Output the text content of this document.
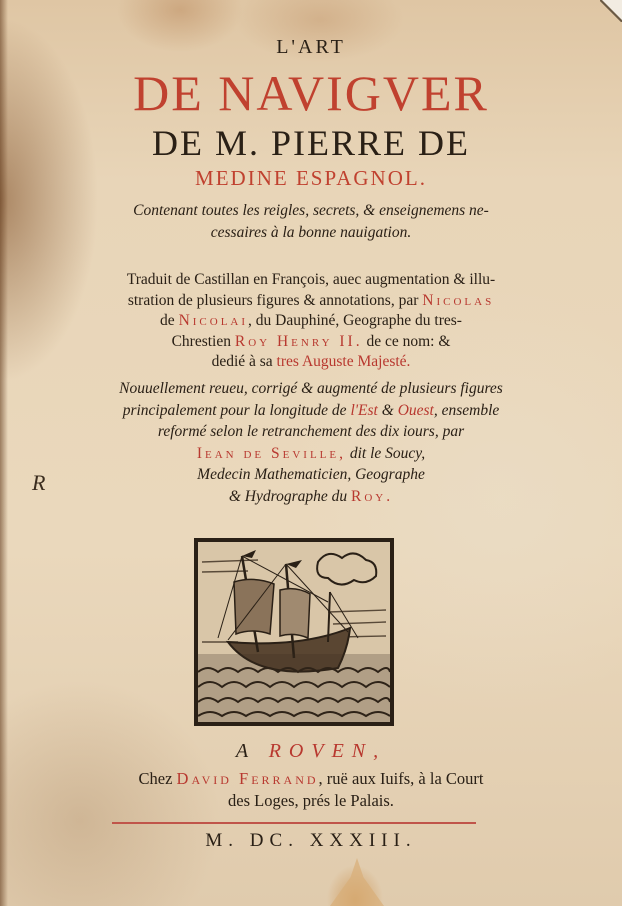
L'ART
DE NAVIGVER
DE M. PIERRE DE
MEDINE ESPAGNOL.
Contenant toutes les reigles, secrets, & enseignemens ne-
cessaires à la bonne nauigation.
Traduit de Castillan en François, auec augmentation & illu-
stration de plusieurs figures & annotations, par Nicolas
de Nicolai, du Dauphiné, Geographe du tres-
Chrestien Roy Henry II. de ce nom: &
dedié à sa tres Auguste Majesté.
Nouuellement reueu, corrigé & augmenté de plusieurs figures
principalement pour la longitude de l'Est & Ouest, ensemble
reformé selon le retranchement des dix iours, par
Iean de Seville, dit le Soucy,
Medecin Mathematicien, Geographe
& Hydrographe du Roy.
R
A ROVEN,
Chez David Ferrand, ruë aux Iuifs, à la Court
des Loges, prés le Palais.
M. DC. XXXIII.
